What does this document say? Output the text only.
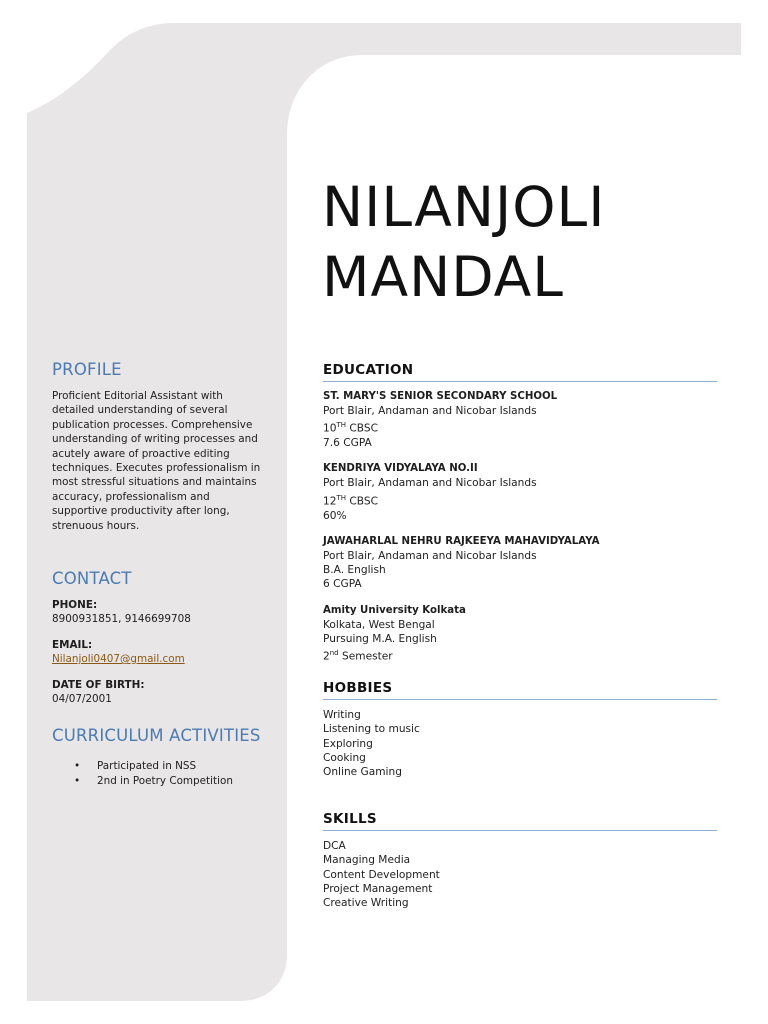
NILANJOLI
MANDAL
PROFILE

Proficient Editorial Assistant with detailed understanding of several publication processes. Comprehensive understanding of writing processes and acutely aware of proactive editing techniques. Executes professionalism in most stressful situations and maintains accuracy, professionalism and supportive productivity after long, strenuous hours.

CONTACT
PHONE:
8900931851, 9146699708
EMAIL:
Nilanjoli0407@gmail.com
DATE OF BIRTH:
04/07/2001
CURRICULUM ACTIVITIES
• Participated in NSS
• 2nd in Poetry Competition
EDUCATION
ST. MARY'S SENIOR SECONDARY SCHOOL
Port Blair, Andaman and Nicobar Islands
10TH CBSC
7.6 CGPA
KENDRIYA VIDYALAYA NO.II
Port Blair, Andaman and Nicobar Islands
12TH CBSC
60%
JAWAHARLAL NEHRU RAJKEEYA MAHAVIDYALAYA
Port Blair, Andaman and Nicobar Islands
B.A. English
6 CGPA
Amity University Kolkata
Kolkata, West Bengal
Pursuing M.A. English
2nd Semester
HOBBIES
Writing
Listening to music
Exploring
Cooking
Online Gaming
SKILLS
DCA
Managing Media
Content Development
Project Management
Creative Writing
